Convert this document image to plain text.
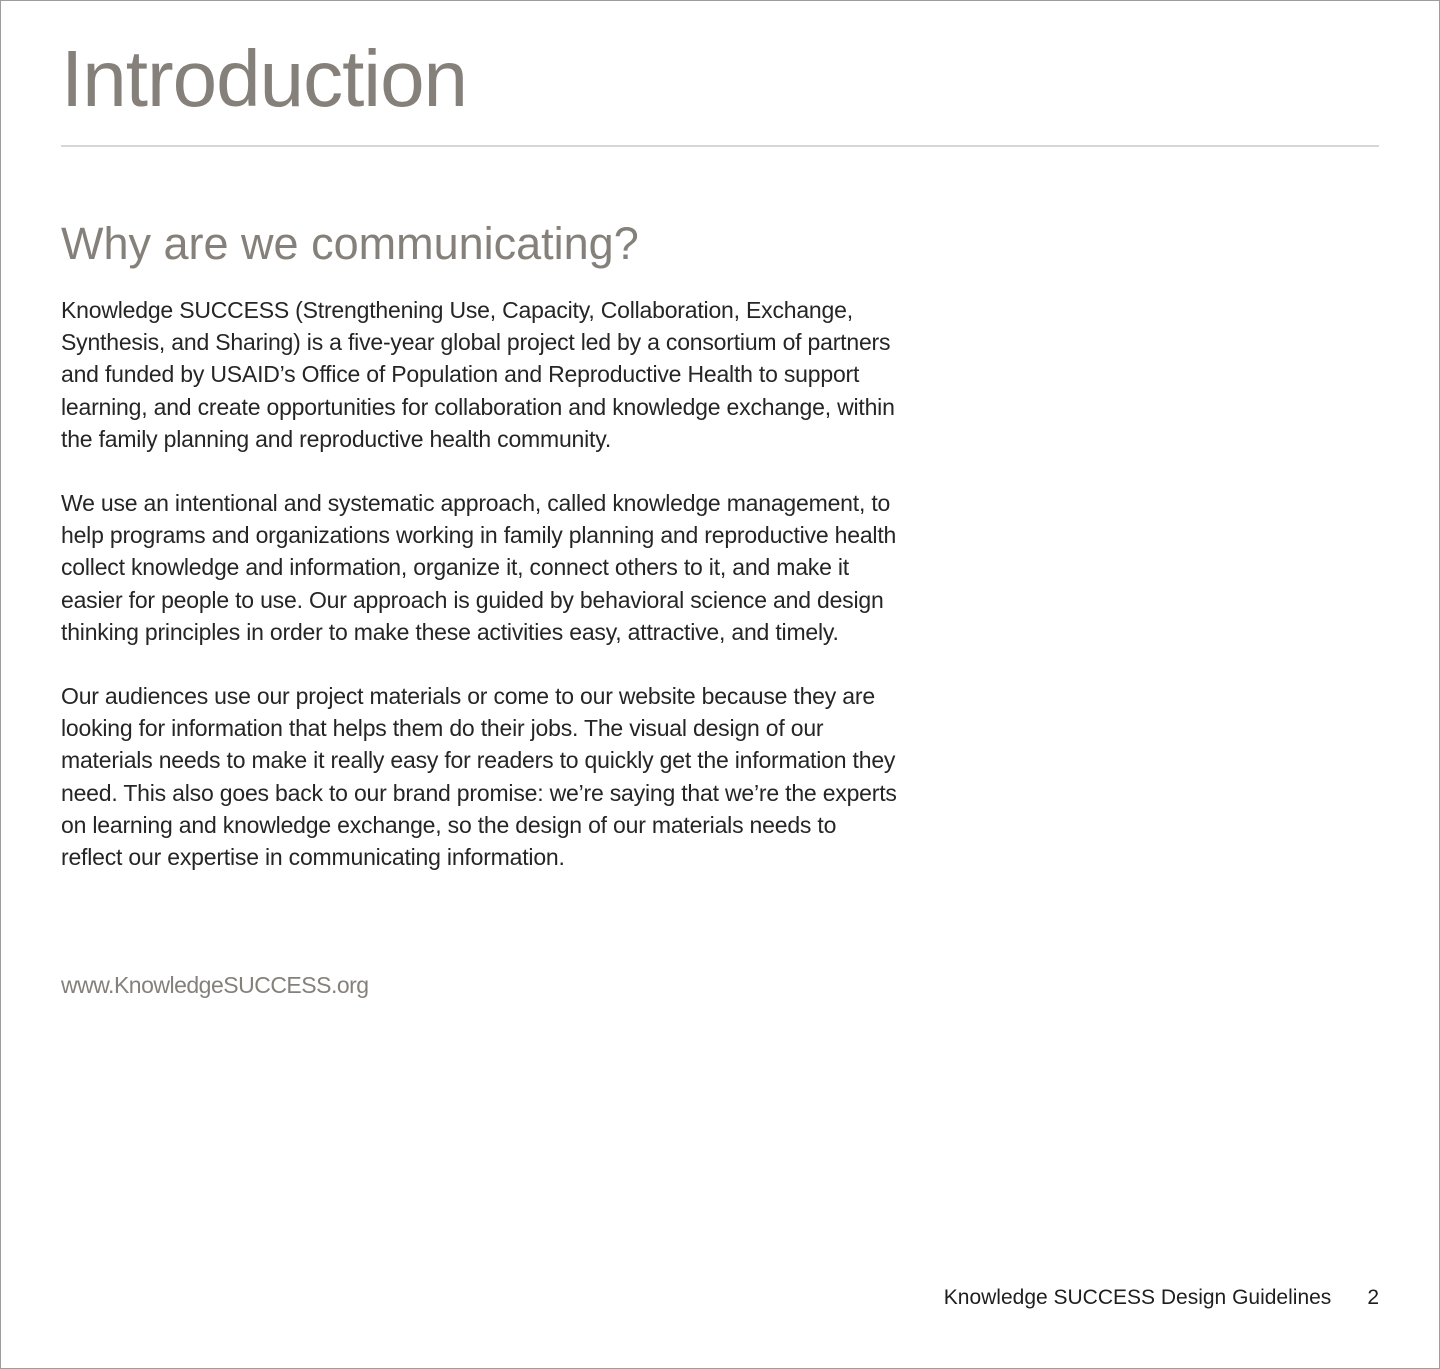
Introduction
Why are we communicating?

Knowledge SUCCESS (Strengthening Use, Capacity, Collaboration, Exchange, Synthesis, and Sharing) is a five-year global project led by a consortium of partners and funded by USAID’s Office of Population and Reproductive Health to support learning, and create opportunities for collaboration and knowledge exchange, within the family planning and reproductive health community.

We use an intentional and systematic approach, called knowledge management, to help programs and organizations working in family planning and reproductive health collect knowledge and information, organize it, connect others to it, and make it easier for people to use. Our approach is guided by behavioral science and design thinking principles in order to make these activities easy, attractive, and timely.

Our audiences use our project materials or come to our website because they are looking for information that helps them do their jobs. The visual design of our materials needs to make it really easy for readers to quickly get the information they need. This also goes back to our brand promise: we’re saying that we’re the experts on learning and knowledge exchange, so the design of our materials needs to reflect our expertise in communicating information.

www.KnowledgeSUCCESS.org

Knowledge SUCCESS Design Guidelines 2
